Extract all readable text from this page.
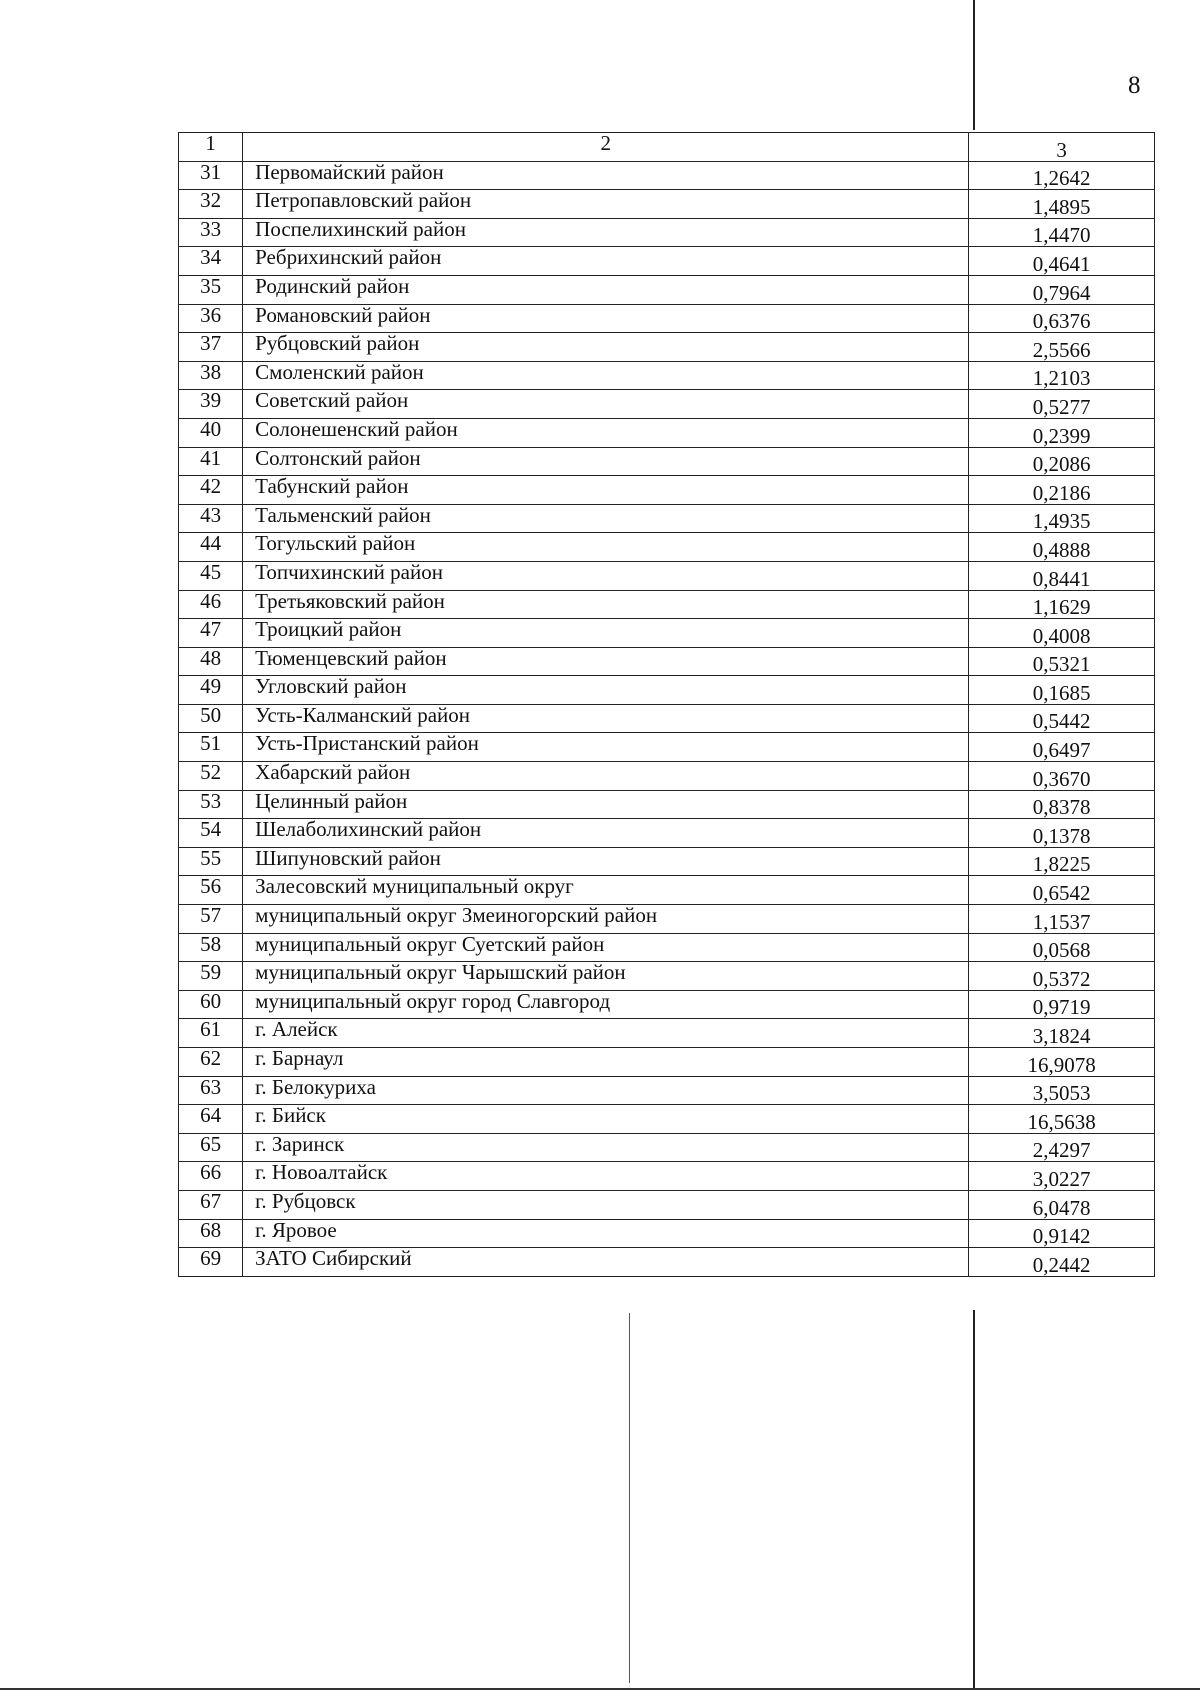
8
1	2	3
31	Первомайский район	1,2642
32	Петропавловский район	1,4895
33	Поспелихинский район	1,4470
34	Ребрихинский район	0,4641
35	Родинский район	0,7964
36	Романовский район	0,6376
37	Рубцовский район	2,5566
38	Смоленский район	1,2103
39	Советский район	0,5277
40	Солонешенский район	0,2399
41	Солтонский район	0,2086
42	Табунский район	0,2186
43	Тальменский район	1,4935
44	Тогульский район	0,4888
45	Топчихинский район	0,8441
46	Третьяковский район	1,1629
47	Троицкий район	0,4008
48	Тюменцевский район	0,5321
49	Угловский район	0,1685
50	Усть-Калманский район	0,5442
51	Усть-Пристанский район	0,6497
52	Хабарский район	0,3670
53	Целинный район	0,8378
54	Шелаболихинский район	0,1378
55	Шипуновский район	1,8225
56	Залесовский муниципальный округ	0,6542
57	муниципальный округ Змеиногорский район	1,1537
58	муниципальный округ Суетский район	0,0568
59	муниципальный округ Чарышский район	0,5372
60	муниципальный округ город Славгород	0,9719
61	г. Алейск	3,1824
62	г. Барнаул	16,9078
63	г. Белокуриха	3,5053
64	г. Бийск	16,5638
65	г. Заринск	2,4297
66	г. Новоалтайск	3,0227
67	г. Рубцовск	6,0478
68	г. Яровое	0,9142
69	ЗАТО Сибирский	0,2442
